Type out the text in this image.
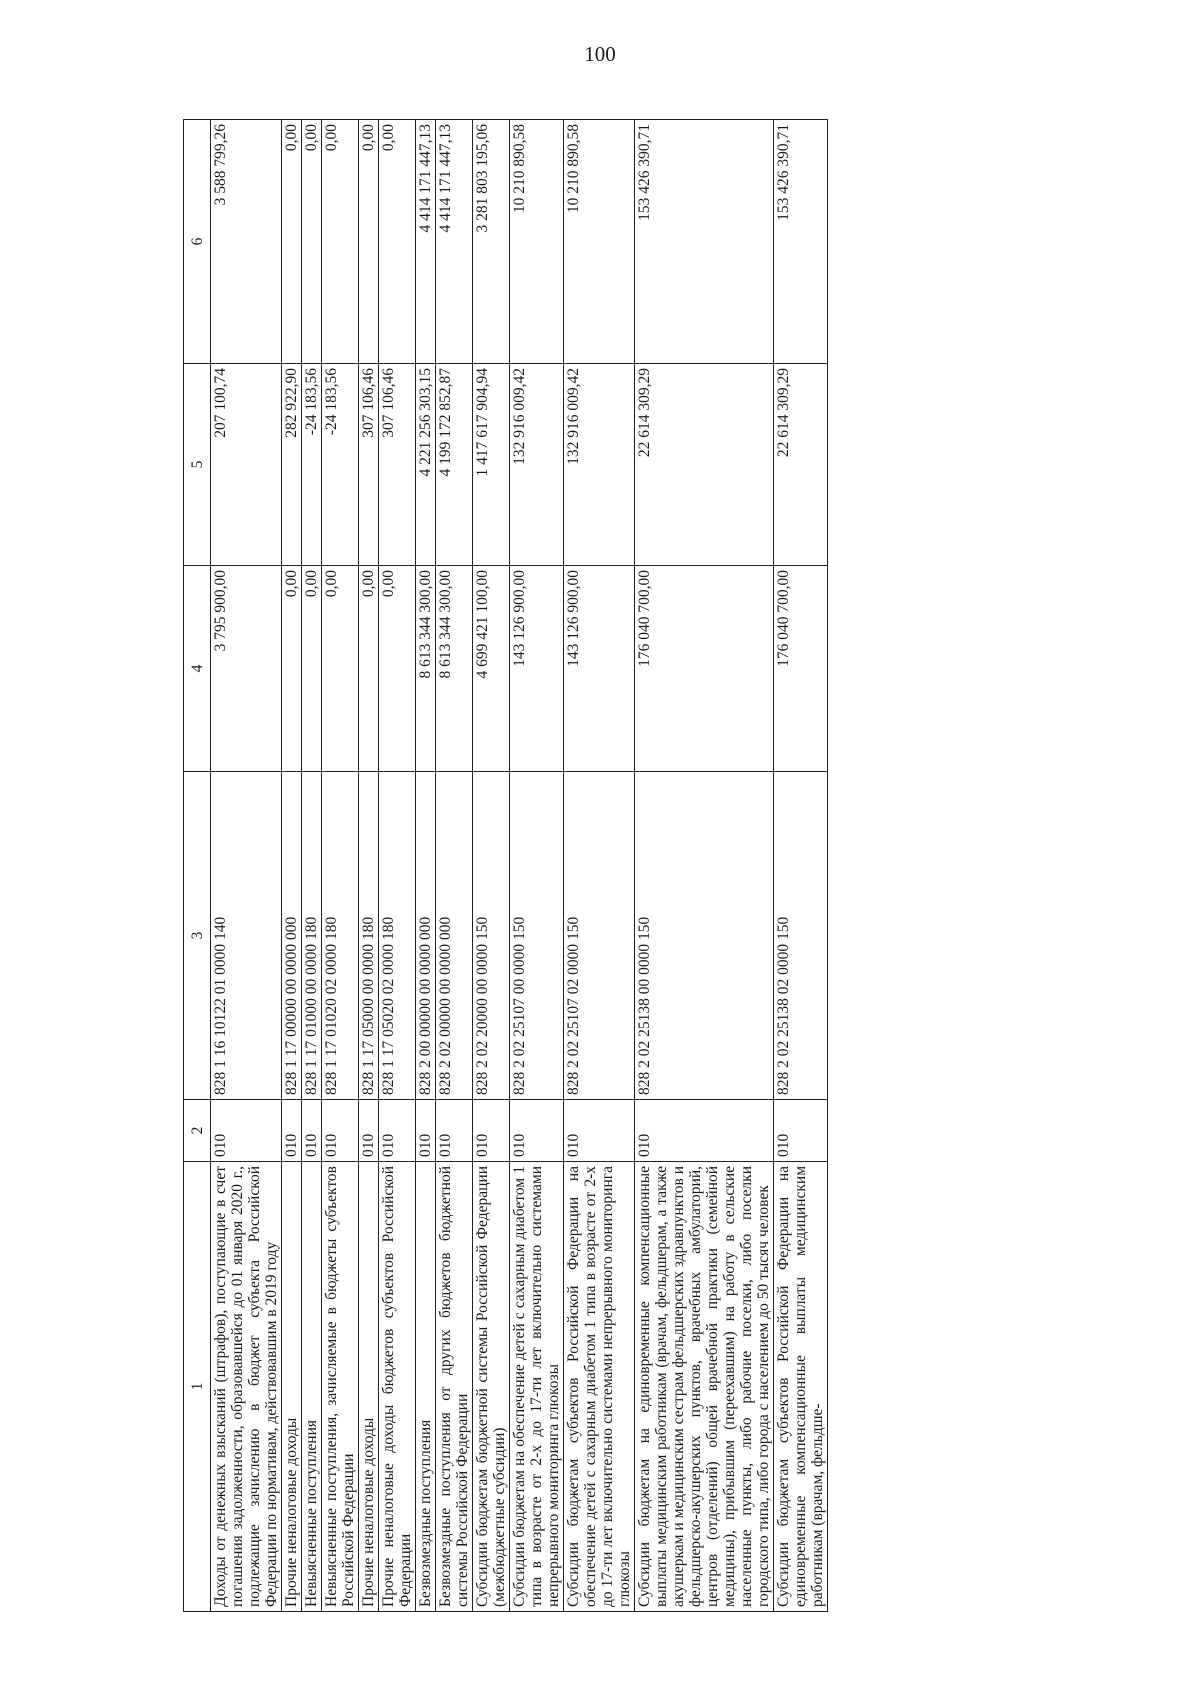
100
1	2	3	4	5	6
Доходы от денежных взысканий (штрафов), поступающие в счет погашения задолженности, образовавшейся до 01 января 2020 г., подлежащие зачислению в бюджет субъекта Российской Федерации по нормативам, действовавшим в 2019 году	010	828 1 16 10122 01 0000 140	3 795 900,00	207 100,74	3 588 799,26
Прочие неналоговые доходы	010	828 1 17 00000 00 0000 000	0,00	282 922,90	0,00
Невыясненные поступления	010	828 1 17 01000 00 0000 180	0,00	-24 183,56	0,00
Невыясненные поступления, зачисляемые в бюджеты субъектов Российской Федерации	010	828 1 17 01020 02 0000 180	0,00	-24 183,56	0,00
Прочие неналоговые доходы	010	828 1 17 05000 00 0000 180	0,00	307 106,46	0,00
Прочие неналоговые доходы бюджетов субъектов Российской Федерации	010	828 1 17 05020 02 0000 180	0,00	307 106,46	0,00
Безвозмездные поступления	010	828 2 00 00000 00 0000 000	8 613 344 300,00	4 221 256 303,15	4 414 171 447,13
Безвозмездные поступления от других бюджетов бюджетной системы Российской Федерации	010	828 2 02 00000 00 0000 000	8 613 344 300,00	4 199 172 852,87	4 414 171 447,13
Субсидии бюджетам бюджетной системы Российской Федерации (межбюджетные субсидии)	010	828 2 02 20000 00 0000 150	4 699 421 100,00	1 417 617 904,94	3 281 803 195,06
Субсидии бюджетам на обеспечение детей с сахарным диабетом 1 типа в возрасте от 2-х до 17-ти лет включительно системами непрерывного мониторинга глюкозы	010	828 2 02 25107 00 0000 150	143 126 900,00	132 916 009,42	10 210 890,58
Субсидии бюджетам субъектов Российской Федерации на обеспечение детей с сахарным диабетом 1 типа в возрасте от 2-х до 17-ти лет включительно системами непрерывного мониторинга глюкозы	010	828 2 02 25107 02 0000 150	143 126 900,00	132 916 009,42	10 210 890,58
Субсидии бюджетам на единовременные компенсационные выплаты медицинским работникам (врачам, фельдшерам, а также акушеркам и медицинским сестрам фельдшерских здравпунктов и фельдшерско-акушерских пунктов, врачебных амбулаторий, центров (отделений) общей врачебной практики (семейной медицины), прибывшим (переехавшим) на работу в сельские населенные пункты, либо рабочие поселки, либо поселки городского типа, либо города с населением до 50 тысяч человек	010	828 2 02 25138 00 0000 150	176 040 700,00	22 614 309,29	153 426 390,71
Субсидии бюджетам субъектов Российской Федерации на единовременные компенсационные выплаты медицинским работникам (врачам, фельдше-	010	828 2 02 25138 02 0000 150	176 040 700,00	22 614 309,29	153 426 390,71
